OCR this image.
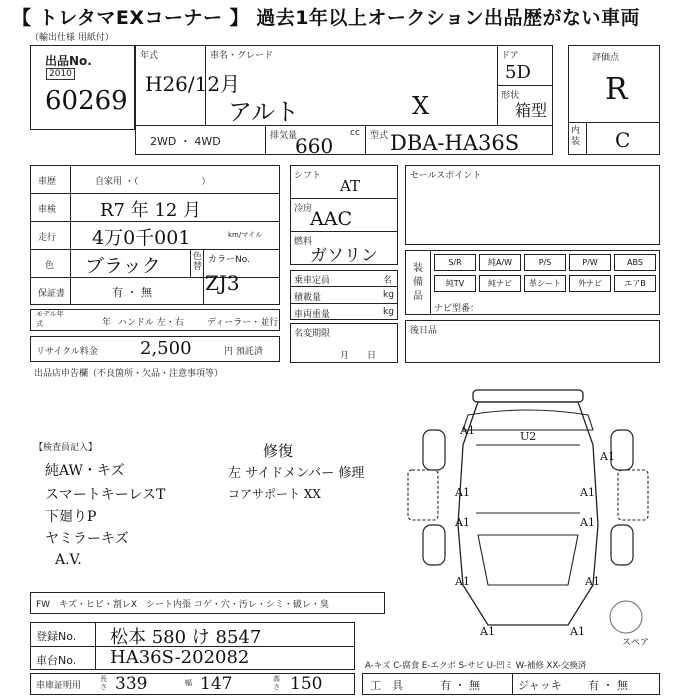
【 トレタマEXコーナー 】 過去1年以上オークション出品歴がない車両
（輸出仕様 用紙付）
出品No.
2010
60269
年式
H26/12月
車名・グレード
アルト	X
ドア
5D
形状
箱型
2WD ・ 4WD	排気量	cc
660	型式 DBA-HA36S
評価点
R
内装 C
車歴	自家用 ・（　　　　　　　）
車検 R7 年 12 月
走行 4万0千001	km/マイル
色 ブラック	色替
カラーNo.
ZJ3
保証書	有 ・ 無
モデル年式	年 ハンドル 左・右	ディーラー・並行
リサイクル料金 2,500	円 預託済
シフト
AT
冷房
AAC
燃料
ガソリン
乗車定員	名
積載量	kg
車両重量	kg
名変期限
月　　日
セールスポイント
装備品
S/R	純A/W	P/S	P/W	ABS
純TV	純ナビ	革シート	外ナビ	エアB
ナビ型番：
後日品
出品店申告欄（不良箇所・欠品・注意事項等）
【検査員記入】
純AW・キズ
スマートキーレスT
下廻りP
ヤミラーキズ
A.V.
修復
左 サイドメンバー 修理
コアサポート XX
FW　キズ・ヒビ・割レX　シート内張 コゲ・穴・汚レ・シミ・破レ・臭
登録No. 松本 580 け 8547
車台No. HA36S-202082
車庫証明用
長さ 339	幅 147	高さ 150
A1	U2
A1	A1
A1	A1
A1	A1
A1	A1
A1
スペア
A-キズ C-腐食 E-エクボ S-サビ U-凹ミ W-補修 XX-交換済
工　具	有 ・ 無	ジャッキ 有 ・ 無
